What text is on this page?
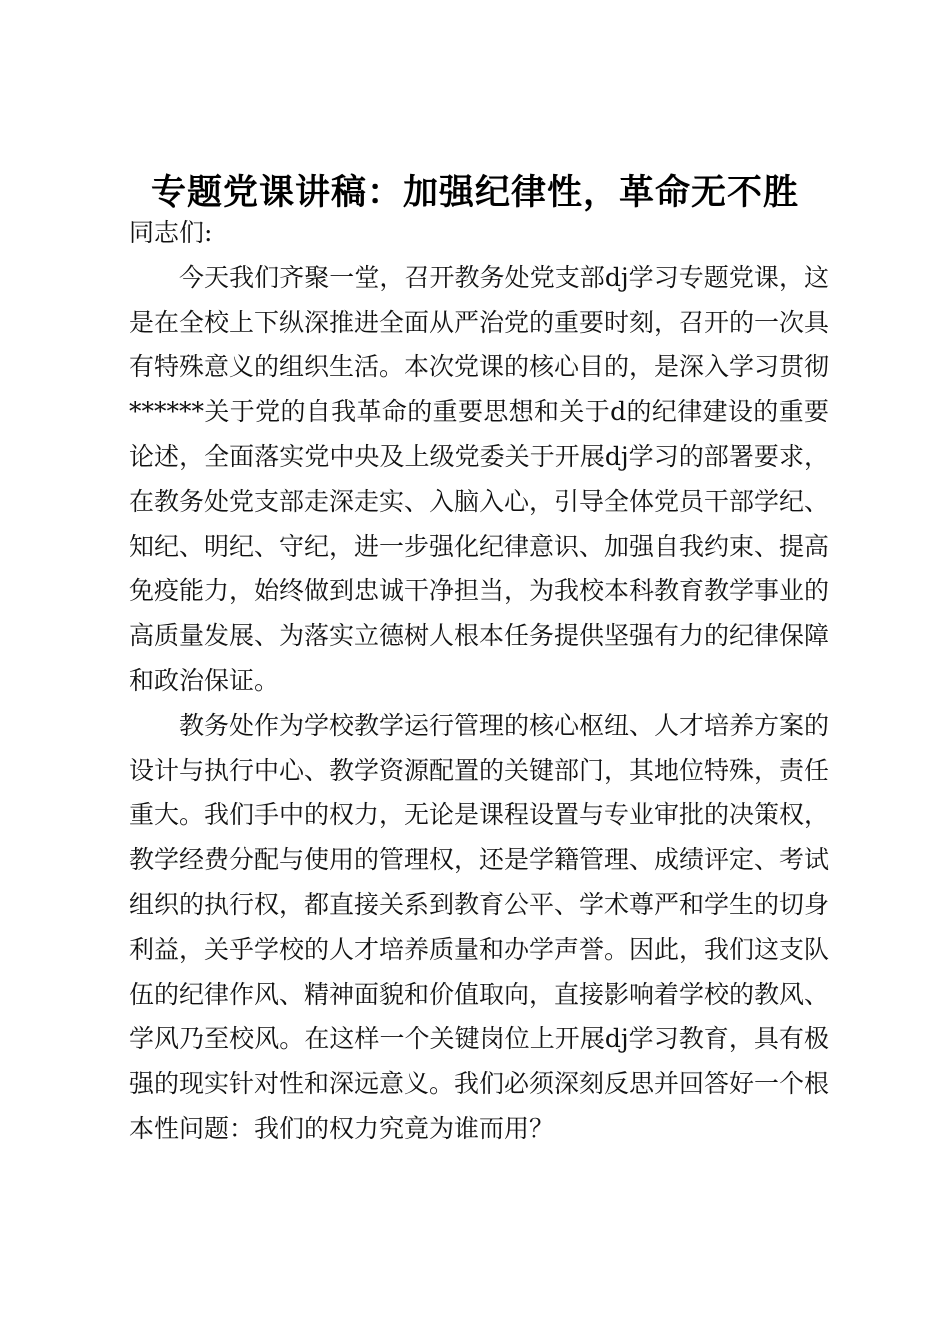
专题党课讲稿：加强纪律性，革命无不胜

同志们:

今天我们齐聚一堂，召开教务处党支部dj学习专题党课，这是在全校上下纵深推进全面从严治党的重要时刻，召开的一次具有特殊意义的组织生活。本次党课的核心目的，是深入学习贯彻******关于党的自我革命的重要思想和关于d的纪律建设的重要论述，全面落实党中央及上级党委关于开展dj学习的部署要求，在教务处党支部走深走实、入脑入心，引导全体党员干部学纪、知纪、明纪、守纪，进一步强化纪律意识、加强自我约束、提高免疫能力，始终做到忠诚干净担当，为我校本科教育教学事业的高质量发展、为落实立德树人根本任务提供坚强有力的纪律保障和政治保证。

教务处作为学校教学运行管理的核心枢纽、人才培养方案的设计与执行中心、教学资源配置的关键部门，其地位特殊，责任重大。我们手中的权力，无论是课程设置与专业审批的决策权，教学经费分配与使用的管理权，还是学籍管理、成绩评定、考试组织的执行权，都直接关系到教育公平、学术尊严和学生的切身利益，关乎学校的人才培养质量和办学声誉。因此，我们这支队伍的纪律作风、精神面貌和价值取向，直接影响着学校的教风、学风乃至校风。在这样一个关键岗位上开展dj学习教育，具有极强的现实针对性和深远意义。我们必须深刻反思并回答好一个根本性问题：我们的权力究竟为谁而用？
